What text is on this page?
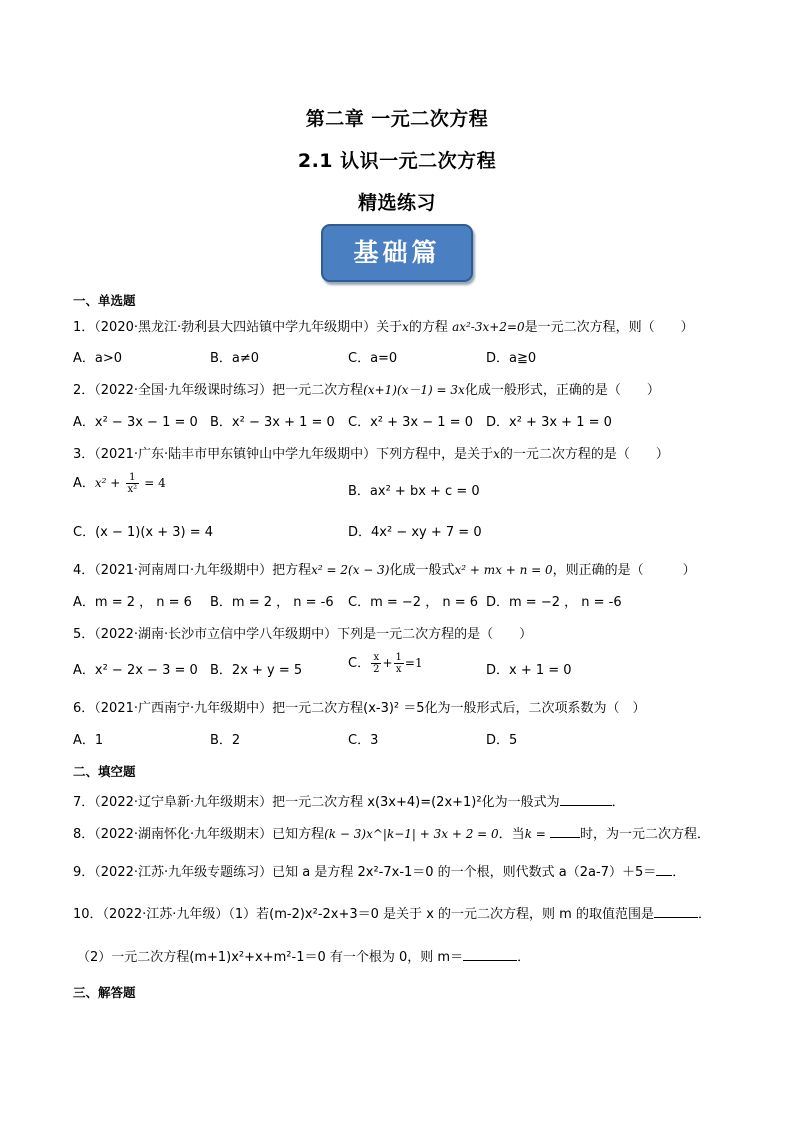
第二章 一元二次方程
2.1 认识一元二次方程
精选练习
基础篇
一、单选题
1．（2020·黑龙江·勃利县大四站镇中学九年级期中）关于x的方程 ax²-3x+2=0是一元二次方程，则（　　）
A．a>0	B．a≠0	C．a=0	D．a≧0
2．（2022·全国·九年级课时练习）把一元二次方程(x+1)(x－1) = 3x化成一般形式，正确的是（　　）
A．x² − 3x − 1 = 0 B．x² − 3x + 1 = 0 C．x² + 3x − 1 = 0 D．x² + 3x + 1 = 0
3．（2021·广东·陆丰市甲东镇钟山中学九年级期中）下列方程中，是关于x的一元二次方程的是（　　）
A．$x^2 + \frac{1}{\text{x²}} = 4$
B．ax² + bx + c = 0
C．(x − 1)(x + 3) = 4	D．4x² − xy + 7 = 0
4．（2021·河南周口·九年级期中）把方程x² = 2(x − 3)化成一般式x² + mx + n = 0，则正确的是（　　　）
A．m = 2 ， n = 6 B．m = 2 ， n = -6 C．m = −2 ， n = 6 D．m = −2 ， n = -6
5．（2022·湖南·长沙市立信中学八年级期中）下列是一元二次方程的是（　　）
A．x² − 2x − 3 = 0 B．2x + y = 5	C． $\frac{x}{2} + \frac{1}{x} =1$	D．x + 1 = 0
6．（2021·广西南宁·九年级期中）把一元二次方程(x-3)² ＝5化为一般形式后，二次项系数为（　）
A．1	B．2	C．3	D．5
二、填空题
7．（2022·辽宁阜新·九年级期末）把一元二次方程 x(3x+4)=(2x+1)²化为一般式为	．
8．（2022·湖南怀化·九年级期末）已知方程(k − 3)x^|k−1| + 3x + 2 = 0．当k =	时，为一元二次方程．
9．（2022·江苏·九年级专题练习）已知 a 是方程 2x²-7x-1＝0 的一个根，则代数式 a（2a-7）＋5＝ ．
10．（2022·江苏·九年级）（1）若(m-2)x²-2x+3＝0 是关于 x 的一元二次方程，则 m 的取值范围是	．
（2）一元二次方程(m+1)x²+x+m²-1＝0 有一个根为 0，则 m＝	．
三、解答题
